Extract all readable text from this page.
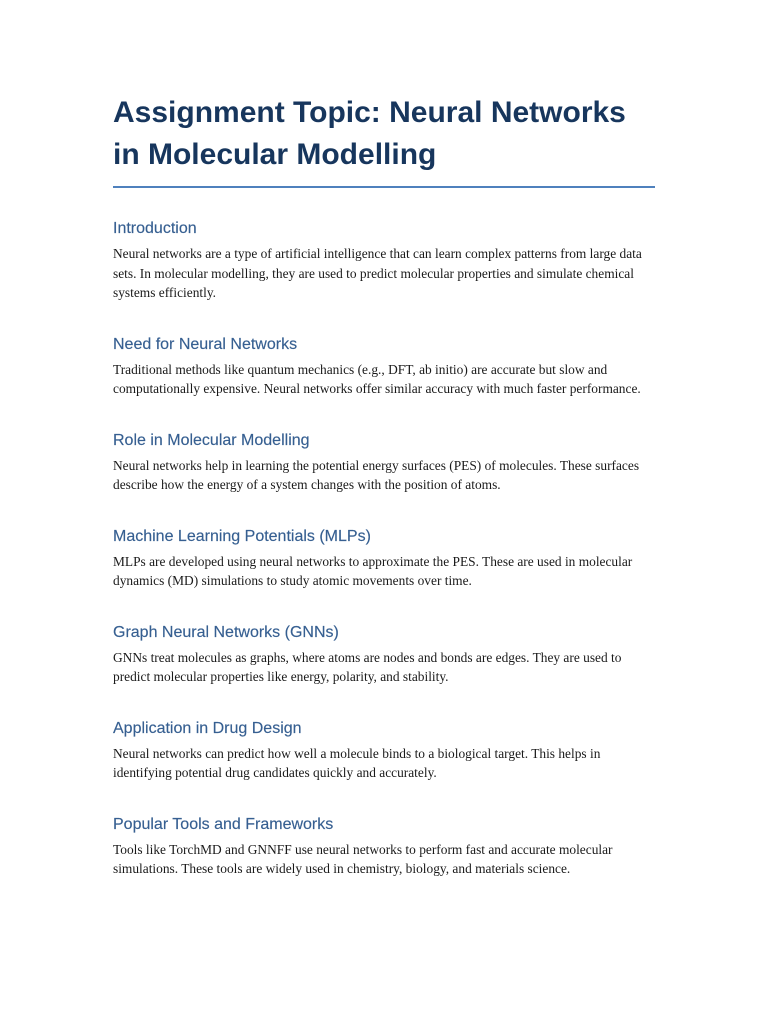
Assignment Topic: Neural Networks in Molecular Modelling
Introduction

Neural networks are a type of artificial intelligence that can learn complex patterns from large data sets. In molecular modelling, they are used to predict molecular properties and simulate chemical systems efficiently.

Need for Neural Networks

Traditional methods like quantum mechanics (e.g., DFT, ab initio) are accurate but slow and computationally expensive. Neural networks offer similar accuracy with much faster performance.

Role in Molecular Modelling

Neural networks help in learning the potential energy surfaces (PES) of molecules. These surfaces describe how the energy of a system changes with the position of atoms.

Machine Learning Potentials (MLPs)

MLPs are developed using neural networks to approximate the PES. These are used in molecular dynamics (MD) simulations to study atomic movements over time.

Graph Neural Networks (GNNs)

GNNs treat molecules as graphs, where atoms are nodes and bonds are edges. They are used to predict molecular properties like energy, polarity, and stability.

Application in Drug Design

Neural networks can predict how well a molecule binds to a biological target. This helps in identifying potential drug candidates quickly and accurately.

Popular Tools and Frameworks

Tools like TorchMD and GNNFF use neural networks to perform fast and accurate molecular simulations. These tools are widely used in chemistry, biology, and materials science.
